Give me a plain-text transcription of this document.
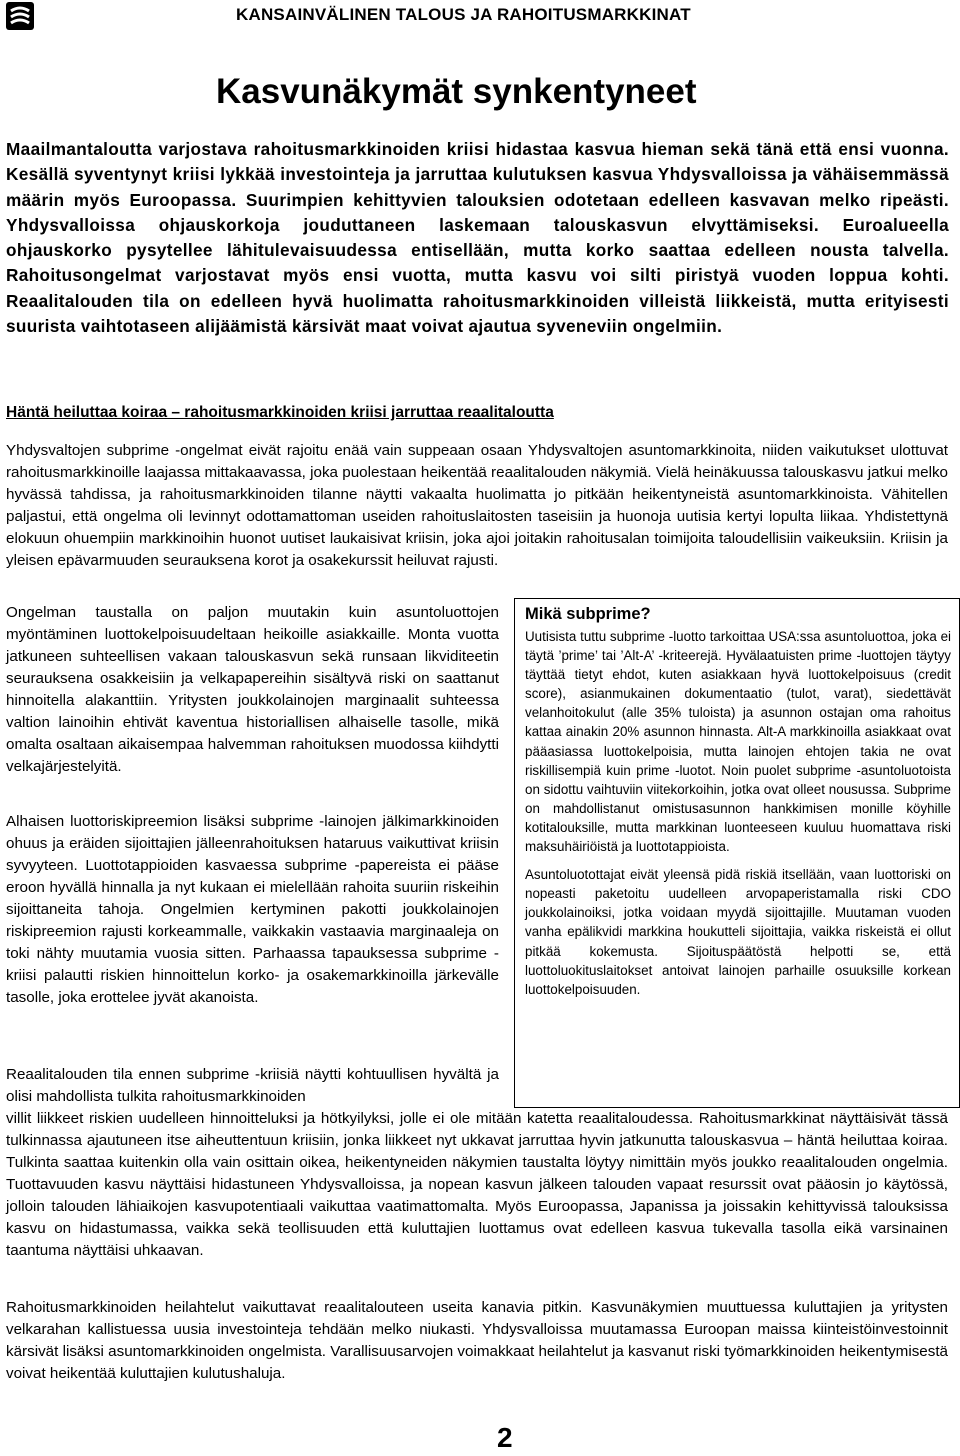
KANSAINVÄLINEN TALOUS JA RAHOITUSMARKKINAT
Kasvunäkymät synkentyneet

Maailmantaloutta varjostava rahoitusmarkkinoiden kriisi hidastaa kasvua hieman sekä tänä että ensi vuonna. Kesällä syventynyt kriisi lykkää investointeja ja jarruttaa kulutuksen kasvua Yhdysvalloissa ja vähäisemmässä määrin myös Euroopassa. Suurimpien kehittyvien talouksien odotetaan edelleen kasvavan melko ripeästi. Yhdysvalloissa ohjauskorkoja jouduttaneen laskemaan talouskasvun elvyttämiseksi. Euroalueella ohjauskorko pysytellee lähitulevaisuudessa entisellään, mutta korko saattaa edelleen nousta talvella. Rahoitusongelmat varjostavat myös ensi vuotta, mutta kasvu voi silti piristyä vuoden loppua kohti. Reaalitalouden tila on edelleen hyvä huolimatta rahoitusmarkkinoiden villeistä liikkeistä, mutta erityisesti suurista vaihtotaseen alijäämistä kärsivät maat voivat ajautua syveneviin ongelmiin.

Häntä heiluttaa koiraa – rahoitusmarkkinoiden kriisi jarruttaa reaalitaloutta

Yhdysvaltojen subprime -ongelmat eivät rajoitu enää vain suppeaan osaan Yhdysvaltojen asuntomarkkinoita, niiden vaikutukset ulottuvat rahoitusmarkkinoille laajassa mittakaavassa, joka puolestaan heikentää reaalitalouden näkymiä. Vielä heinäkuussa talouskasvu jatkui melko hyvässä tahdissa, ja rahoitusmarkkinoiden tilanne näytti vakaalta huolimatta jo pitkään heikentyneistä asuntomarkkinoista. Vähitellen paljastui, että ongelma oli levinnyt odottamattoman useiden rahoituslaitosten taseisiin ja huonoja uutisia kertyi lopulta liikaa. Yhdistettynä elokuun ohuempiin markkinoihin huonot uutiset laukaisivat kriisin, joka ajoi joitakin rahoitusalan toimijoita taloudellisiin vaikeuksiin. Kriisin ja yleisen epävarmuuden seurauksena korot ja osakekurssit heiluvat rajusti.

Ongelman taustalla on paljon muutakin kuin asuntoluottojen myöntäminen luottokelpoisuudeltaan heikoille asiakkaille. Monta vuotta jatkuneen suhteellisen vakaan talouskasvun sekä runsaan likviditeetin seurauksena osakkeisiin ja velkapapereihin sisältyvä riski on saattanut hinnoitella alakanttiin. Yritysten joukkolainojen marginaalit suhteessa valtion lainoihin ehtivät kaventua historiallisen alhaiselle tasolle, mikä omalta osaltaan aikaisempaa halvemman rahoituksen muodossa kiihdytti velkajärjestelyitä.

Alhaisen luottoriskipreemion lisäksi subprime -lainojen jälkimarkkinoiden ohuus ja eräiden sijoittajien jälleenrahoituksen hataruus vaikuttivat kriisin syvyyteen. Luottotappioiden kasvaessa subprime -papereista ei pääse eroon hyvällä hinnalla ja nyt kukaan ei mielellään rahoita suuriin riskeihin sijoittaneita tahoja. Ongelmien kertyminen pakotti joukkolainojen riskipreemion rajusti korkeammalle, vaikkakin vastaavia marginaaleja on toki nähty muutamia vuosia sitten. Parhaassa tapauksessa subprime -kriisi palautti riskien hinnoittelun korko- ja osakemarkkinoilla järkevälle tasolle, joka erottelee jyvät akanoista.

Reaalitalouden tila ennen subprime -kriisiä näytti kohtuullisen hyvältä ja olisi mahdollista tulkita rahoitusmarkkinoiden
villit liikkeet riskien uudelleen hinnoitteluksi ja hötkyilyksi, jolle ei ole mitään katetta reaalitaloudessa. Rahoitusmarkkinat näyttäisivät tässä tulkinnassa ajautuneen itse aiheuttentuun kriisiin, jonka liikkeet nyt ukkavat jarruttaa hyvin jatkunutta talouskasvua – häntä heiluttaa koiraa. Tulkinta saattaa kuitenkin olla vain osittain oikea, heikentyneiden näkymien taustalta löytyy nimittäin myös joukko reaalitalouden ongelmia. Tuottavuuden kasvu näyttäisi hidastuneen Yhdysvalloissa, ja nopean kasvun jälkeen talouden vapaat resurssit ovat pääosin jo käytössä, jolloin talouden lähiaikojen kasvupotentiaali vaikuttaa vaatimattomalta. Myös Euroopassa, Japanissa ja joissakin kehittyvissä talouksissa kasvu on hidastumassa, vaikka sekä teollisuuden että kuluttajien luottamus ovat edelleen kasvua tukevalla tasolla eikä varsinainen taantuma näyttäisi uhkaavan.

Rahoitusmarkkinoiden heilahtelut vaikuttavat reaalitalouteen useita kanavia pitkin. Kasvunäkymien muuttuessa kuluttajien ja yritysten velkarahan kallistuessa uusia investointeja tehdään melko niukasti. Yhdysvalloissa muutamassa Euroopan maissa kiinteistöinvestoinnit kärsivät lisäksi asuntomarkkinoiden ongelmista. Varallisuusarvojen voimakkaat heilahtelut ja kasvanut riski työmarkkinoiden heikentymisestä voivat heikentää kuluttajien kulutushaluja.

Mikä subprime?

Uutisista tuttu subprime -luotto tarkoittaa USA:ssa asuntoluottoa, joka ei täytä ’prime’ tai ’Alt-A’ -kriteerejä. Hyvälaatuisten prime -luottojen täytyy täyttää tietyt ehdot, kuten asiakkaan hyvä luottokelpoisuus (credit score), asianmukainen dokumentaatio (tulot, varat), siedettävät velanhoitokulut (alle 35% tuloista) ja asunnon ostajan oma rahoitus kattaa ainakin 20% asunnon hinnasta. Alt-A markkinoilla asiakkaat ovat pääasiassa luottokelpoisia, mutta lainojen ehtojen takia ne ovat riskillisempiä kuin prime -luotot. Noin puolet subprime -asuntoluotoista on sidottu vaihtuviin viitekorkoihin, jotka ovat olleet nousussa. Subprime on mahdollistanut omistusasunnon hankkimisen monille köyhille kotitalouksille, mutta markkinan luonteeseen kuuluu huomattava riski maksuhäiriöistä ja luottotappioista.

Asuntoluotottajat eivät yleensä pidä riskiä itsellään, vaan luottoriski on nopeasti paketoitu uudelleen arvopaperistamalla riski CDO joukkolainoiksi, jotka voidaan myydä sijoittajille. Muutaman vuoden vanha epälikvidi markkina houkutteli sijoittajia, vaikka riskeistä ei ollut pitkää kokemusta. Sijoituspäätöstä helpotti se, että luottoluokituslaitokset antoivat lainojen parhaille osuuksille korkean luottokelpoisuuden.

2
